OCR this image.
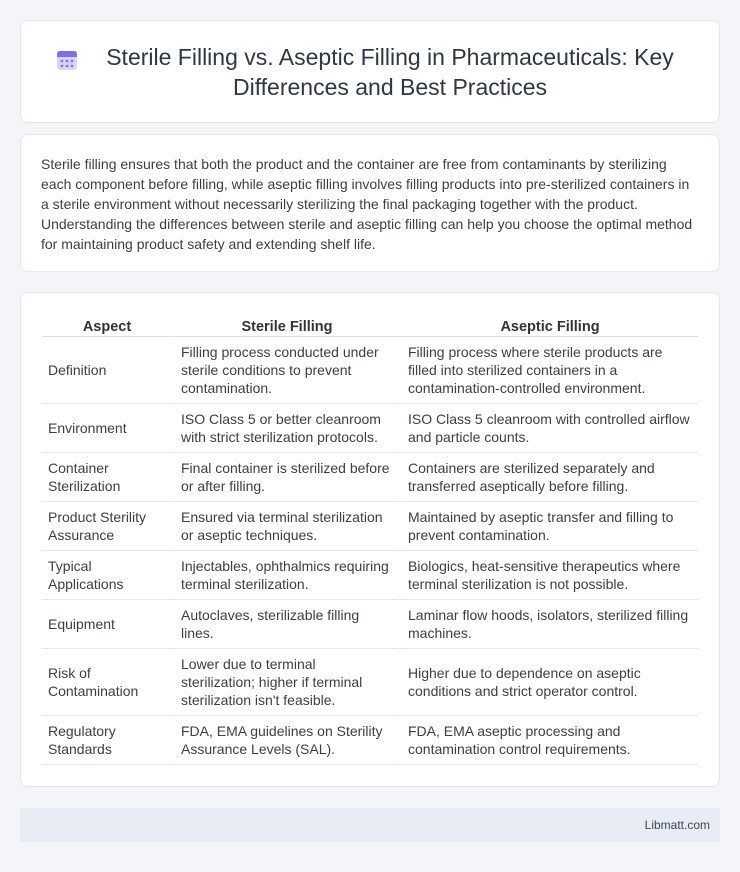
Sterile Filling vs. Aseptic Filling in Pharmaceuticals: Key Differences and Best Practices

Sterile filling ensures that both the product and the container are free from contaminants by sterilizing each component before filling, while aseptic filling involves filling products into pre-sterilized containers in a sterile environment without necessarily sterilizing the final packaging together with the product. Understanding the differences between sterile and aseptic filling can help you choose the optimal method for maintaining product safety and extending shelf life.

Aspect	Sterile Filling	Aseptic Filling
Definition	Filling process conducted under sterile conditions to prevent contamination.	Filling process where sterile products are filled into sterilized containers in a contamination-controlled environment.
Environment	ISO Class 5 or better cleanroom with strict sterilization protocols.	ISO Class 5 cleanroom with controlled airflow and particle counts.
Container Sterilization	Final container is sterilized before or after filling.	Containers are sterilized separately and transferred aseptically before filling.
Product Sterility Assurance	Ensured via terminal sterilization or aseptic techniques.	Maintained by aseptic transfer and filling to prevent contamination.
Typical Applications	Injectables, ophthalmics requiring terminal sterilization.	Biologics, heat-sensitive therapeutics where terminal sterilization is not possible.
Equipment	Autoclaves, sterilizable filling lines.	Laminar flow hoods, isolators, sterilized filling machines.
Risk of Contamination	Lower due to terminal sterilization; higher if terminal sterilization isn't feasible.	Higher due to dependence on aseptic conditions and strict operator control.
Regulatory Standards	FDA, EMA guidelines on Sterility Assurance Levels (SAL).	FDA, EMA aseptic processing and contamination control requirements.
Libmatt.com
